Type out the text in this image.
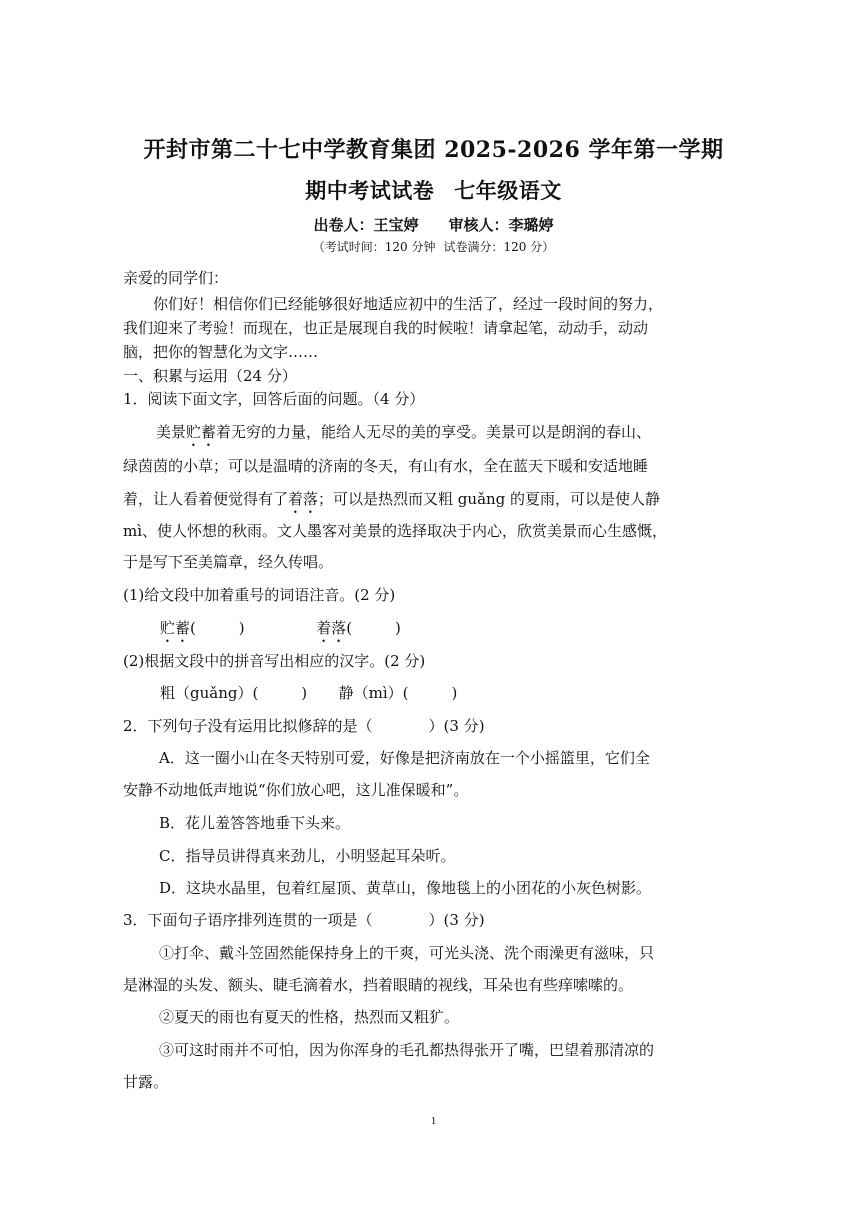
开封市第二十七中学教育集团 2025-2026 学年第一学期
期中考试试卷 七年级语文
出卷人：王宝婷 审核人：李璐婷
（考试时间：120 分钟 试卷满分：120 分）
亲爱的同学们：
你们好！相信你们已经能够很好地适应初中的生活了，经过一段时间的努力，
我们迎来了考验！而现在，也正是展现自我的时候啦！请拿起笔，动动手，动动
脑，把你的智慧化为文字……
一、积累与运用（24 分）
1．阅读下面文字，回答后面的问题。（4 分）
美景贮蓄着无穷的力量，能给人无尽的美的享受。美景可以是朗润的春山、
绿茵茵的小草；可以是温晴的济南的冬天，有山有水，全在蓝天下暖和安适地睡
着，让人看着便觉得有了着落；可以是热烈而又粗 guǎng 的夏雨，可以是使人静
mì、使人怀想的秋雨。文人墨客对美景的选择取决于内心，欣赏美景而心生感慨，
于是写下至美篇章，经久传唱。
(1)给文段中加着重号的词语注音。(2 分)
贮蓄(         )	着落(         )
(2)根据文段中的拼音写出相应的汉字。(2 分)
粗（guǎng）(         ) 静（mì）(         )
2．下列句子没有运用比拟修辞的是（	）(3 分)
A．这一圈小山在冬天特别可爱，好像是把济南放在一个小摇篮里，它们全
安静不动地低声地说“你们放心吧，这儿准保暖和”。
B．花儿羞答答地垂下头来。
C．指导员讲得真来劲儿，小明竖起耳朵听。
D．这块水晶里，包着红屋顶、黄草山，像地毯上的小团花的小灰色树影。
3．下面句子语序排列连贯的一项是（	）(3 分)
①打伞、戴斗笠固然能保持身上的干爽，可光头浇、洗个雨澡更有滋味，只
是淋湿的头发、额头、睫毛滴着水，挡着眼睛的视线，耳朵也有些痒嗦嗦的。
②夏天的雨也有夏天的性格，热烈而又粗犷。
③可这时雨并不可怕，因为你浑身的毛孔都热得张开了嘴，巴望着那清凉的
甘露。
1
